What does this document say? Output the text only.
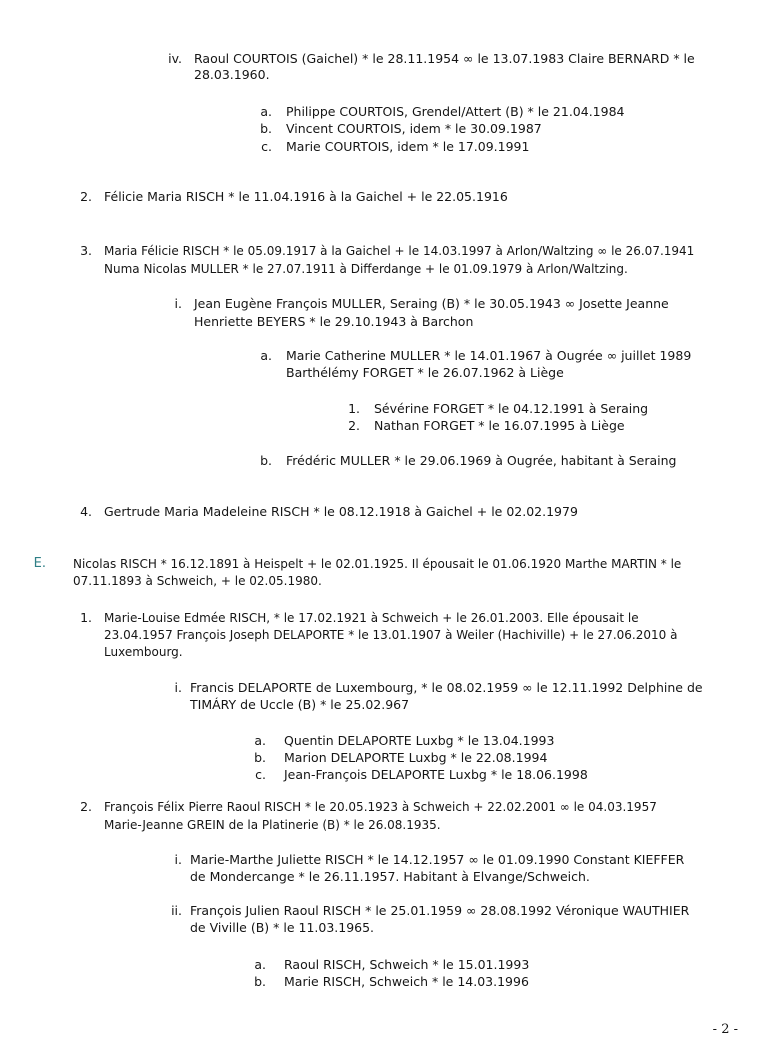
iv. Raoul COURTOIS (Gaichel) * le 28.11.1954 ∞ le 13.07.1983 Claire BERNARD * le
28.03.1960.
a. Philippe COURTOIS, Grendel/Attert (B) * le 21.04.1984
b. Vincent COURTOIS, idem * le 30.09.1987
c. Marie COURTOIS, idem * le 17.09.1991
2. Félicie Maria RISCH * le 11.04.1916 à la Gaichel + le 22.05.1916
3. Maria Félicie RISCH * le 05.09.1917 à la Gaichel + le 14.03.1997 à Arlon/Waltzing ∞ le 26.07.1941
Numa Nicolas MULLER * le 27.07.1911 à Differdange + le 01.09.1979 à Arlon/Waltzing.
i. Jean Eugène François MULLER, Seraing (B) * le 30.05.1943 ∞ Josette Jeanne
Henriette BEYERS * le 29.10.1943 à Barchon
a. Marie Catherine MULLER * le 14.01.1967 à Ougrée ∞ juillet 1989
Barthélémy FORGET * le 26.07.1962 à Liège
1. Sévérine FORGET * le 04.12.1991 à Seraing
2. Nathan FORGET * le 16.07.1995 à Liège
b. Frédéric MULLER * le 29.06.1969 à Ougrée, habitant à Seraing
4. Gertrude Maria Madeleine RISCH * le 08.12.1918 à Gaichel + le 02.02.1979
E. Nicolas RISCH * 16.12.1891 à Heispelt + le 02.01.1925. Il épousait le 01.06.1920 Marthe MARTIN * le
07.11.1893 à Schweich, + le 02.05.1980.
1. Marie-Louise Edmée RISCH, * le 17.02.1921 à Schweich + le 26.01.2003. Elle épousait le
23.04.1957 François Joseph DELAPORTE * le 13.01.1907 à Weiler (Hachiville) + le 27.06.2010 à
Luxembourg.
i. Francis DELAPORTE de Luxembourg, * le 08.02.1959 ∞ le 12.11.1992 Delphine de
TIMÁRY de Uccle (B) * le 25.02.967
a. Quentin DELAPORTE Luxbg * le 13.04.1993
b. Marion DELAPORTE Luxbg * le 22.08.1994
c. Jean-François DELAPORTE Luxbg * le 18.06.1998
2. François Félix Pierre Raoul RISCH * le 20.05.1923 à Schweich + 22.02.2001 ∞ le 04.03.1957
Marie-Jeanne GREIN de la Platinerie (B) * le 26.08.1935.
i. Marie-Marthe Juliette RISCH * le 14.12.1957 ∞ le 01.09.1990 Constant KIEFFER
de Mondercange * le 26.11.1957. Habitant à Elvange/Schweich.
ii. François Julien Raoul RISCH * le 25.01.1959 ∞ 28.08.1992 Véronique WAUTHIER
de Viville (B) * le 11.03.1965.
a. Raoul RISCH, Schweich * le 15.01.1993
b. Marie RISCH, Schweich * le 14.03.1996
- 2 -
